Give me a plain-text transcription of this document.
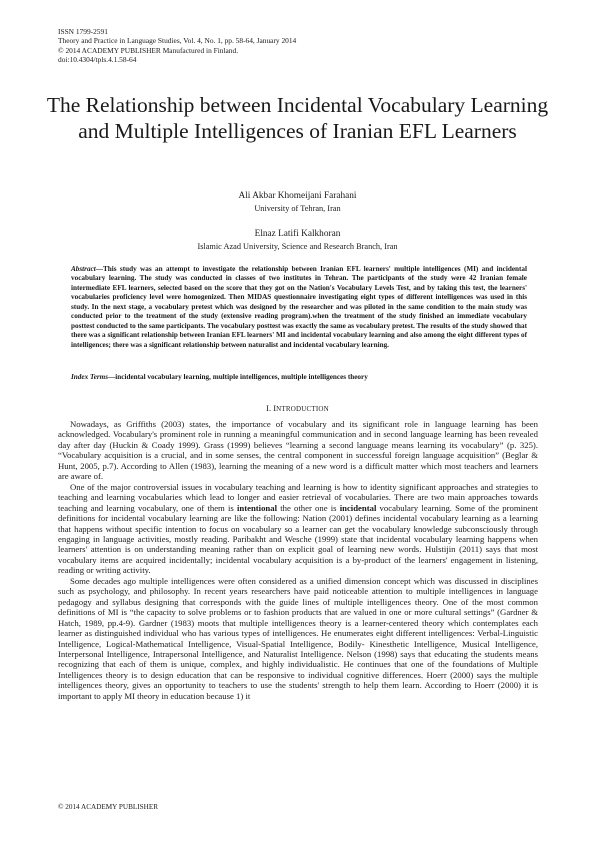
ISSN 1799-2591
Theory and Practice in Language Studies, Vol. 4, No. 1, pp. 58-64, January 2014
© 2014 ACADEMY PUBLISHER Manufactured in Finland.
doi:10.4304/tpls.4.1.58-64
The Relationship between Incidental Vocabulary Learning and Multiple Intelligences of Iranian EFL Learners
Ali Akbar Khomeijani Farahani
University of Tehran, Iran
Elnaz Latifi Kalkhoran
Islamic Azad University, Science and Research Branch, Iran
Abstract—This study was an attempt to investigate the relationship between Iranian EFL learners' multiple intelligences (MI) and incidental vocabulary learning. The study was conducted in classes of two institutes in Tehran. The participants of the study were 42 Iranian female intermediate EFL learners, selected based on the score that they got on the Nation's Vocabulary Levels Test, and by taking this test, the learners' vocabularies proficiency level were homogenized. Then MIDAS questionnaire investigating eight types of different intelligences was used in this study. In the next stage, a vocabulary pretest which was designed by the researcher and was piloted in the same condition to the main study was conducted prior to the treatment of the study (extensive reading program).when the treatment of the study finished an immediate vocabulary posttest conducted to the same participants. The vocabulary posttest was exactly the same as vocabulary pretest. The results of the study showed that there was a significant relationship between Iranian EFL learners' MI and incidental vocabulary learning and also among the eight different types of intelligences; there was a significant relationship between naturalist and incidental vocabulary learning.
Index Terms—incidental vocabulary learning, multiple intelligences, multiple intelligences theory
I. INTRODUCTION

Nowadays, as Griffiths (2003) states, the importance of vocabulary and its significant role in language learning has been acknowledged. Vocabulary's prominent role in running a meaningful communication and in second language learning has been revealed day after day (Huckin & Coady 1999). Grass (1999) believes “learning a second language means learning its vocabulary” (p. 325). “Vocabulary acquisition is a crucial, and in some senses, the central component in successful foreign language acquisition” (Beglar & Hunt, 2005, p.7). According to Allen (1983), learning the meaning of a new word is a difficult matter which most teachers and learners are aware of.

One of the major controversial issues in vocabulary teaching and learning is how to identity significant approaches and strategies to teaching and learning vocabularies which lead to longer and easier retrieval of vocabularies. There are two main approaches towards teaching and learning vocabulary, one of them is intentional the other one is incidental vocabulary learning. Some of the prominent definitions for incidental vocabulary learning are like the following: Nation (2001) defines incidental vocabulary learning as a learning that happens without specific intention to focus on vocabulary so a learner can get the vocabulary knowledge subconsciously through engaging in language activities, mostly reading. Paribakht and Wesche (1999) state that incidental vocabulary learning happens when learners' attention is on understanding meaning rather than on explicit goal of learning new words. Hulstijin (2011) says that most vocabulary items are acquired incidentally; incidental vocabulary acquisition is a by-product of the learners' engagement in listening, reading or writing activity.

Some decades ago multiple intelligences were often considered as a unified dimension concept which was discussed in disciplines such as psychology, and philosophy. In recent years researchers have paid noticeable attention to multiple intelligences in language pedagogy and syllabus designing that corresponds with the guide lines of multiple intelligences theory. One of the most common definitions of MI is “the capacity to solve problems or to fashion products that are valued in one or more cultural settings” (Gardner & Hatch, 1989, pp.4-9). Gardner (1983) moots that multiple intelligences theory is a learner-centered theory which contemplates each learner as distinguished individual who has various types of intelligences. He enumerates eight different intelligences: Verbal-Linguistic Intelligence, Logical-Mathematical Intelligence, Visual-Spatial Intelligence, Bodily- Kinesthetic Intelligence, Musical Intelligence, Interpersonal Intelligence, Intrapersonal Intelligence, and Naturalist Intelligence. Nelson (1998) says that educating the students means recognizing that each of them is unique, complex, and highly individualistic. He continues that one of the foundations of Multiple Intelligences theory is to design education that can be responsive to individual cognitive differences. Hoerr (2000) says the multiple intelligences theory, gives an opportunity to teachers to use the students' strength to help them learn. According to Hoerr (2000) it is important to apply MI theory in education because 1) it

© 2014 ACADEMY PUBLISHER
